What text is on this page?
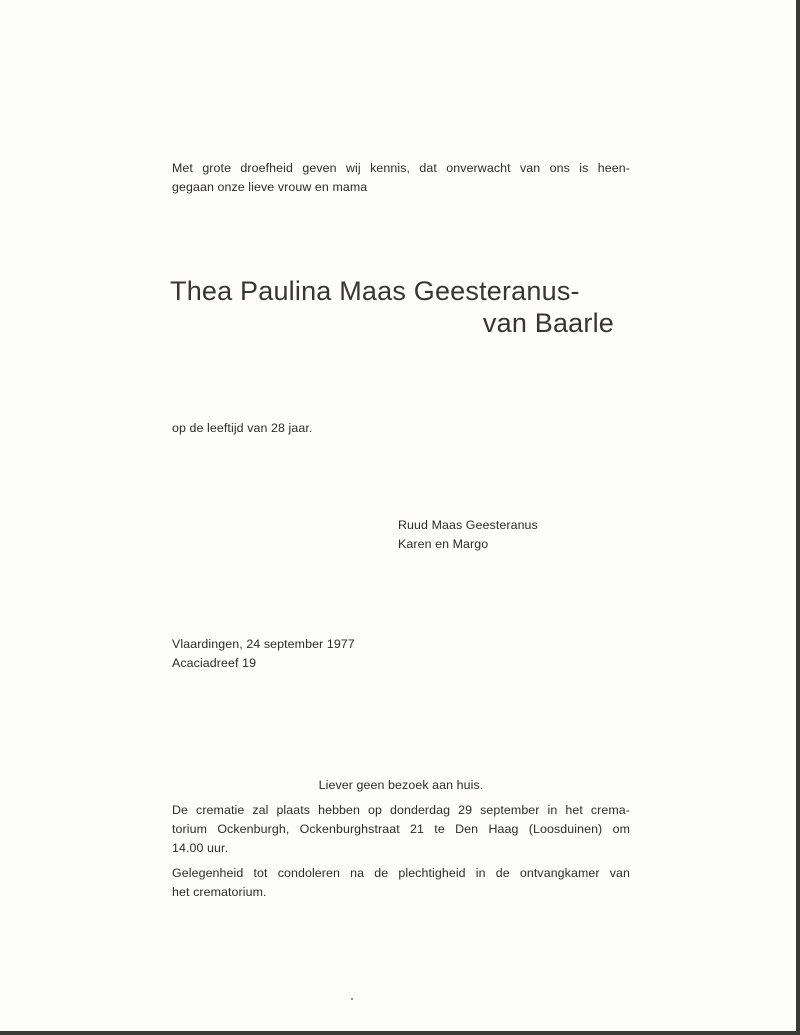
Met grote droefheid geven wij kennis, dat onverwacht van ons is heen-
gegaan onze lieve vrouw en mama
Thea Paulina Maas Geesteranus-
van Baarle
op de leeftijd van 28 jaar.
Ruud Maas Geesteranus
Karen en Margo
Vlaardingen, 24 september 1977
Acaciadreef 19
Liever geen bezoek aan huis.
De crematie zal plaats hebben op donderdag 29 september in het crema-
torium Ockenburgh, Ockenburghstraat 21 te Den Haag (Loosduinen) om
14.00 uur.
Gelegenheid tot condoleren na de plechtigheid in de ontvangkamer van
het crematorium.
